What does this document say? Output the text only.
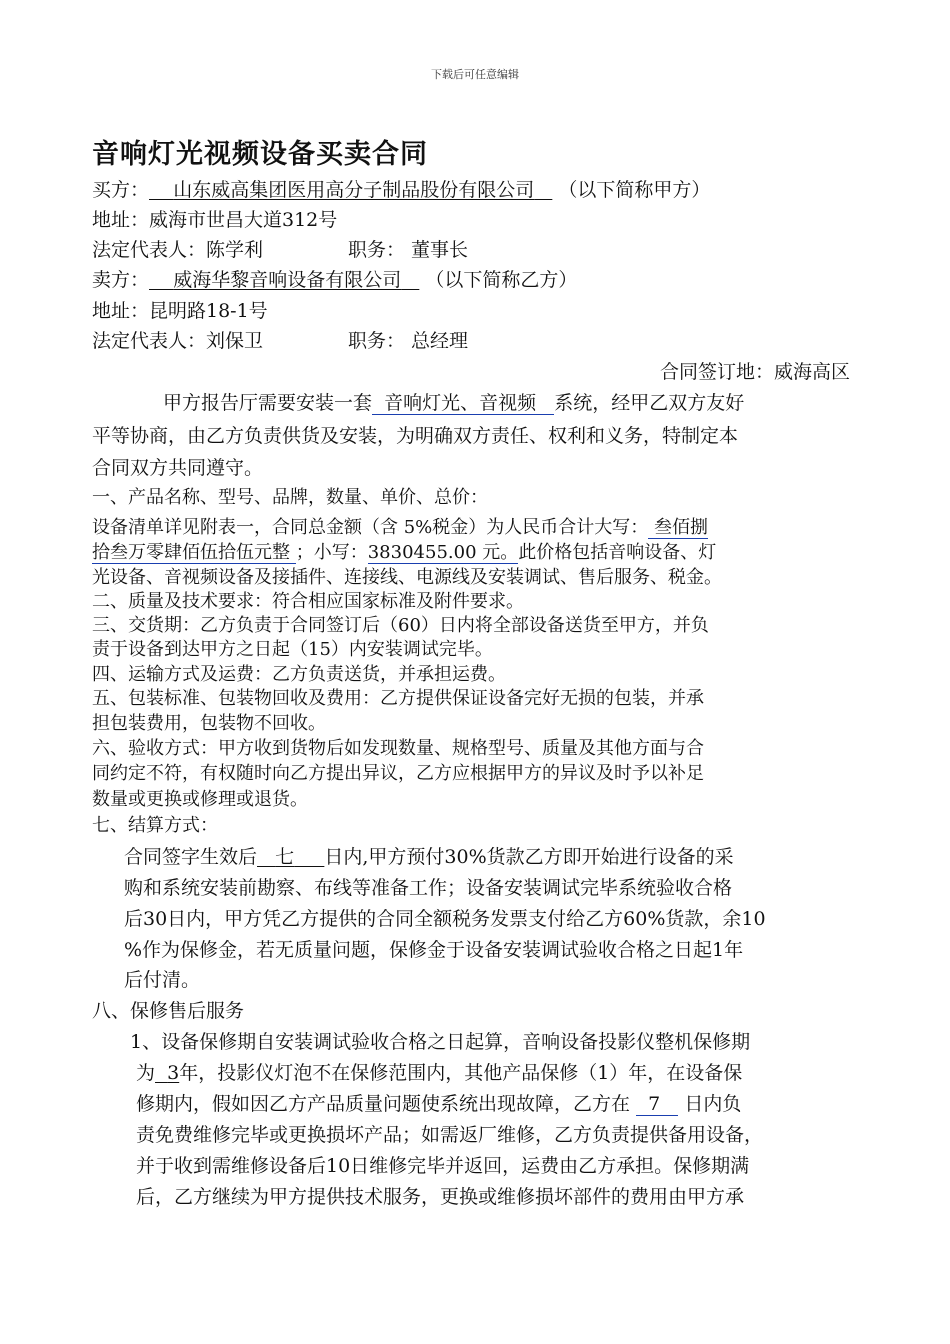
下载后可任意编辑
音响灯光视频设备买卖合同
买方： 山东威高集团医用高分子制品股份有限公司 （以下简称甲方）
地址：威海市世昌大道312号
法定代表人：陈学利	职务： 董事长
卖方： 威海华黎音响设备有限公司 （以下简称乙方）
地址：昆明路18-1号
法定代表人：刘保卫	职务： 总经理
合同签订地：威海高区
甲方报告厅需要安装一套 音响灯光、音视频 系统，经甲乙双方友好
平等协商，由乙方负责供货及安装，为明确双方责任、权利和义务，特制定本
合同双方共同遵守。
一、产品名称、型号、品牌，数量、单价、总价：
设备清单详见附表一，合同总金额（含 5%税金）为人民币合计大写： 叁佰捌
拾叁万零肆佰伍拾伍元整 ；小写：3830455.00 元。此价格包括音响设备、灯
光设备、音视频设备及接插件、连接线、电源线及安装调试、售后服务、税金。
二、质量及技术要求：符合相应国家标准及附件要求。
三、交货期：乙方负责于合同签订后（60）日内将全部设备送货至甲方，并负
责于设备到达甲方之日起（15）内安装调试完毕。
四、运输方式及运费：乙方负责送货，并承担运费。
五、包装标准、包装物回收及费用：乙方提供保证设备完好无损的包装，并承
担包装费用，包装物不回收。
六、验收方式：甲方收到货物后如发现数量、规格型号、质量及其他方面与合
同约定不符，有权随时向乙方提出异议，乙方应根据甲方的异议及时予以补足
数量或更换或修理或退货。
七、结算方式：
合同签字生效后 七 日内,甲方预付30%货款乙方即开始进行设备的采
购和系统安装前勘察、布线等准备工作；设备安装调试完毕系统验收合格
后30日内，甲方凭乙方提供的合同全额税务发票支付给乙方60%货款，余10
%作为保修金，若无质量问题，保修金于设备安装调试验收合格之日起1年
后付清。
八、保修售后服务
1、设备保修期自安装调试验收合格之日起算，音响设备投影仪整机保修期
为 3年，投影仪灯泡不在保修范围内，其他产品保修（1）年，在设备保
修期内，假如因乙方产品质量问题使系统出现故障，乙方在 7 日内负
责免费维修完毕或更换损坏产品；如需返厂维修，乙方负责提供备用设备，
并于收到需维修设备后10日维修完毕并返回，运费由乙方承担。保修期满
后，乙方继续为甲方提供技术服务，更换或维修损坏部件的费用由甲方承
